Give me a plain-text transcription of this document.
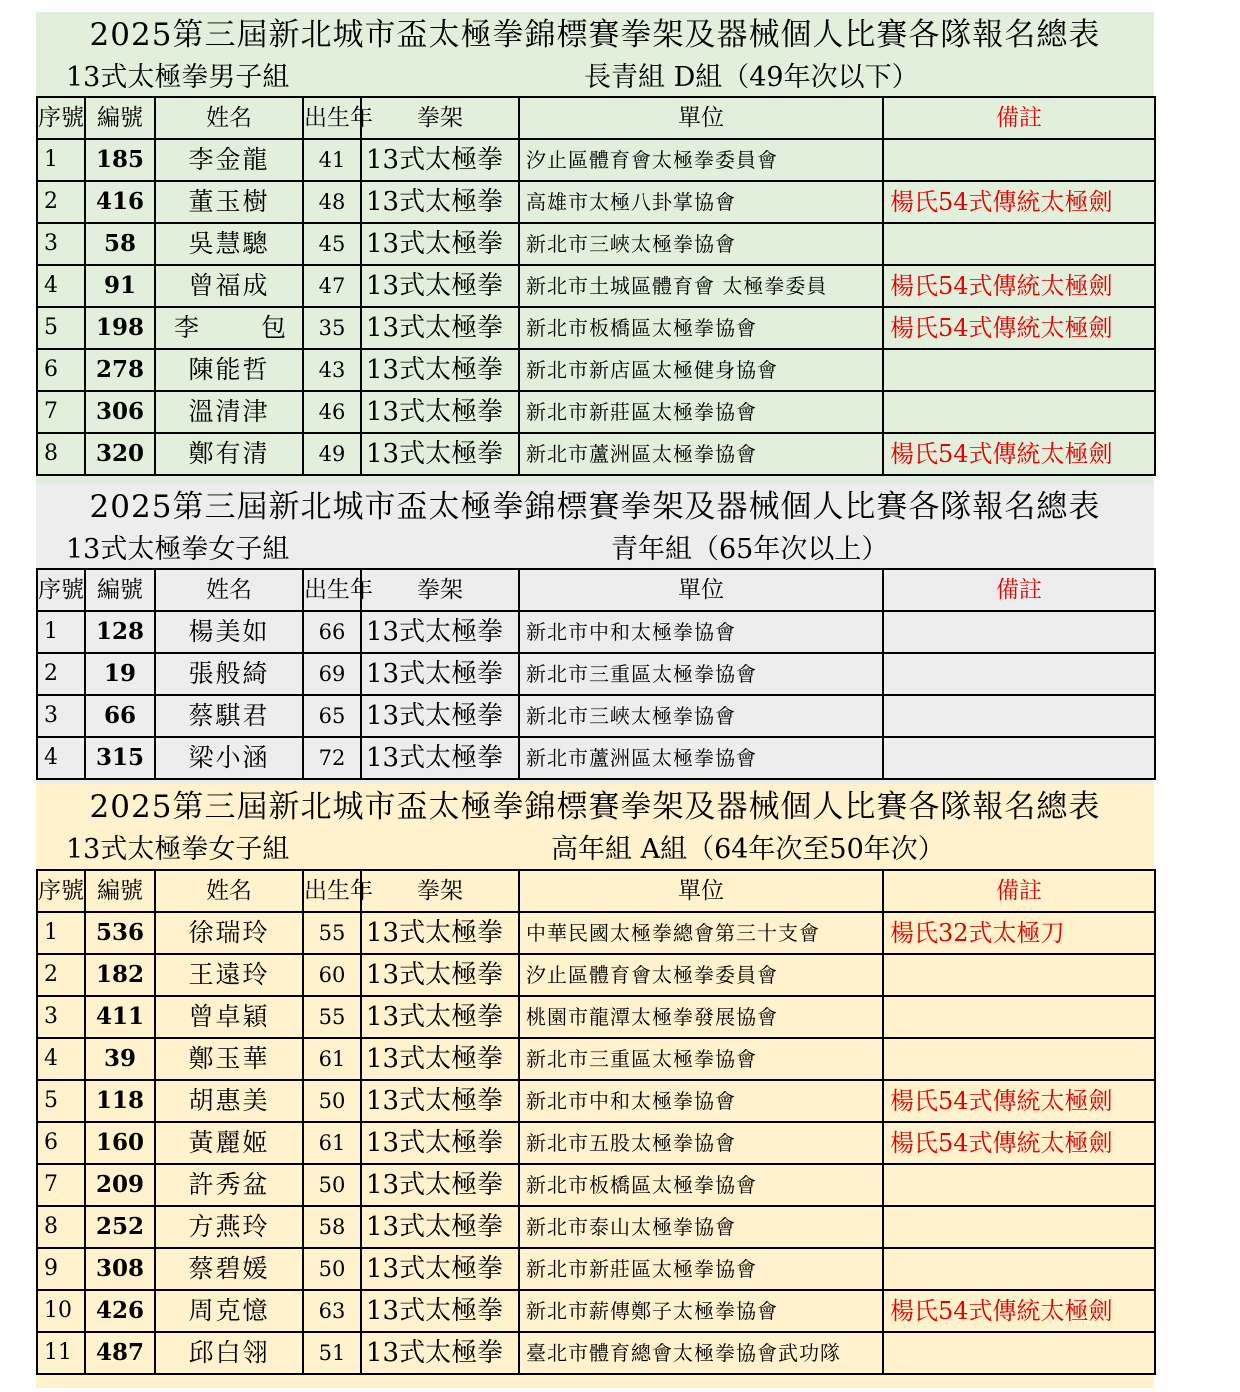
2025第三屆新北城市盃太極拳錦標賽拳架及器械個人比賽各隊報名總表
13式太極拳男子組	長青組 D組（49年次以下）
序號	編號	姓名	出生年	拳架	單位	備註
1	185	李金龍	41	13式太極拳	汐止區體育會太極拳委員會	
2	416	董玉樹	48	13式太極拳	高雄市太極八卦掌協會	楊氏54式傳統太極劍
3	58	吳慧驄	45	13式太極拳	新北市三峽太極拳協會	
4	91	曾福成	47	13式太極拳	新北市土城區體育會 太極拳委員	楊氏54式傳統太極劍
5	198	李 包	35	13式太極拳	新北市板橋區太極拳協會	楊氏54式傳統太極劍
6	278	陳能哲	43	13式太極拳	新北市新店區太極健身協會	
7	306	溫清津	46	13式太極拳	新北市新莊區太極拳協會	
8	320	鄭有清	49	13式太極拳	新北市蘆洲區太極拳協會	楊氏54式傳統太極劍
2025第三屆新北城市盃太極拳錦標賽拳架及器械個人比賽各隊報名總表
13式太極拳女子組	青年組（65年次以上）
序號	編號	姓名	出生年	拳架	單位	備註
1	128	楊美如	66	13式太極拳	新北市中和太極拳協會	
2	19	張般綺	69	13式太極拳	新北市三重區太極拳協會	
3	66	蔡騏君	65	13式太極拳	新北市三峽太極拳協會	
4	315	梁小涵	72	13式太極拳	新北市蘆洲區太極拳協會	
2025第三屆新北城市盃太極拳錦標賽拳架及器械個人比賽各隊報名總表
13式太極拳女子組	高年組 A組（64年次至50年次）
序號	編號	姓名	出生年	拳架	單位	備註
1	536	徐瑞玲	55	13式太極拳	中華民國太極拳總會第三十支會	楊氏32式太極刀
2	182	王遠玲	60	13式太極拳	汐止區體育會太極拳委員會	
3	411	曾卓穎	55	13式太極拳	桃園市龍潭太極拳發展協會	
4	39	鄭玉華	61	13式太極拳	新北市三重區太極拳協會	
5	118	胡惠美	50	13式太極拳	新北市中和太極拳協會	楊氏54式傳統太極劍
6	160	黃麗姬	61	13式太極拳	新北市五股太極拳協會	楊氏54式傳統太極劍
7	209	許秀盆	50	13式太極拳	新北市板橋區太極拳協會	
8	252	方燕玲	58	13式太極拳	新北市泰山太極拳協會	
9	308	蔡碧媛	50	13式太極拳	新北市新莊區太極拳協會	
10	426	周克憶	63	13式太極拳	新北市薪傳鄭子太極拳協會	楊氏54式傳統太極劍
11	487	邱白翎	51	13式太極拳	臺北市體育總會太極拳協會武功隊	
